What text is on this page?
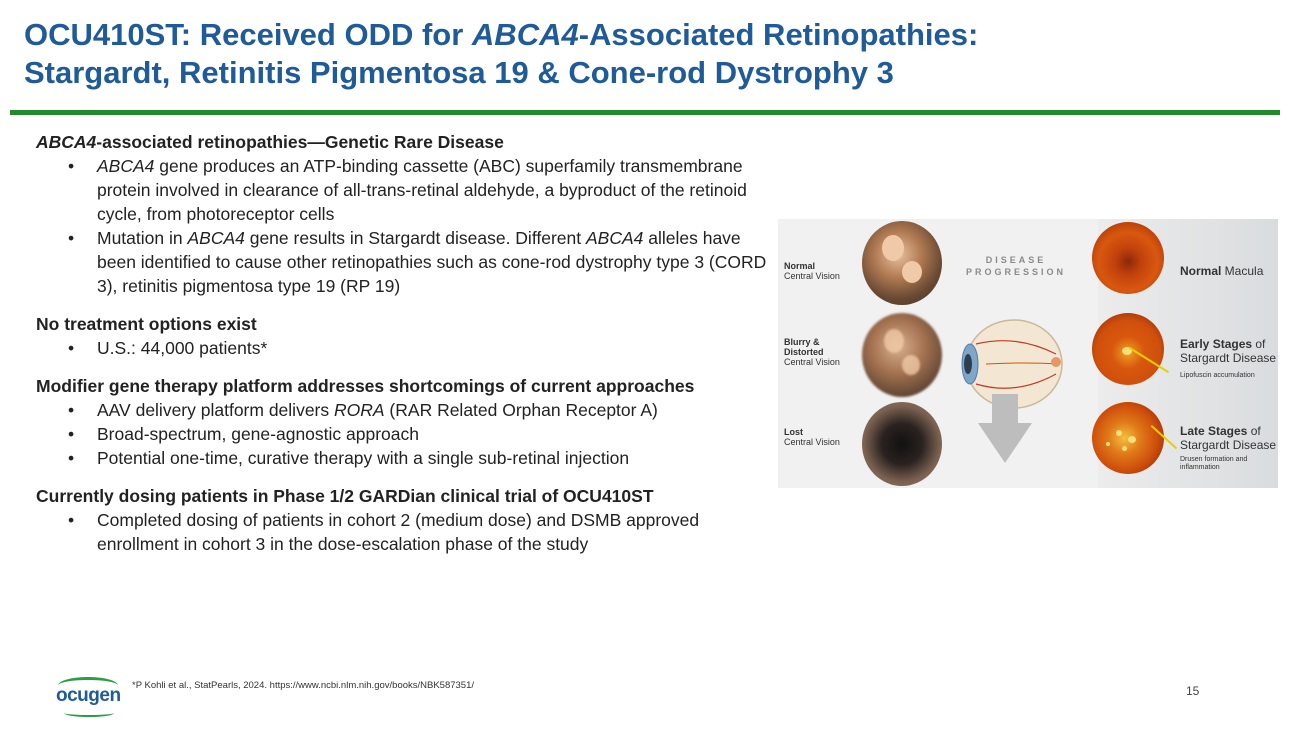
OCU410ST: Received ODD for ABCA4-Associated Retinopathies:
Stargardt, Retinitis Pigmentosa 19 & Cone-rod Dystrophy 3

ABCA4-associated retinopathies—Genetic Rare Disease

• ABCA4 gene produces an ATP-binding cassette (ABC) superfamily transmembrane protein involved in clearance of all-trans-retinal aldehyde, a byproduct of the retinoid cycle, from photoreceptor cells
• Mutation in ABCA4 gene results in Stargardt disease. Different ABCA4 alleles have been identified to cause other retinopathies such as cone-rod dystrophy type 3 (CORD 3), retinitis pigmentosa type 19 (RP 19)

No treatment options exist

• U.S.: 44,000 patients*

Modifier gene therapy platform addresses shortcomings of current approaches

• AAV delivery platform delivers RORA (RAR Related Orphan Receptor A)
• Broad-spectrum, gene-agnostic approach
• Potential one-time, curative therapy with a single sub-retinal injection

Currently dosing patients in Phase 1/2 GARDian clinical trial of OCU410ST

• Completed dosing of patients in cohort 2 (medium dose) and DSMB approved enrollment in cohort 3 in the dose-escalation phase of the study
Normal
Central Vision
Blurry &
Distorted
Central Vision
Lost
Central Vision
DISEASE
PROGRESSION	Normal Macula
Early Stages of
Stargardt Disease
Lipofuscin accumulation
Late Stages of
Stargardt Disease
Drusen formation and inflammation
ocugen *P Kohli et al., StatPearls, 2024. https://www.ncbi.nlm.nih.gov/books/NBK587351/	15
